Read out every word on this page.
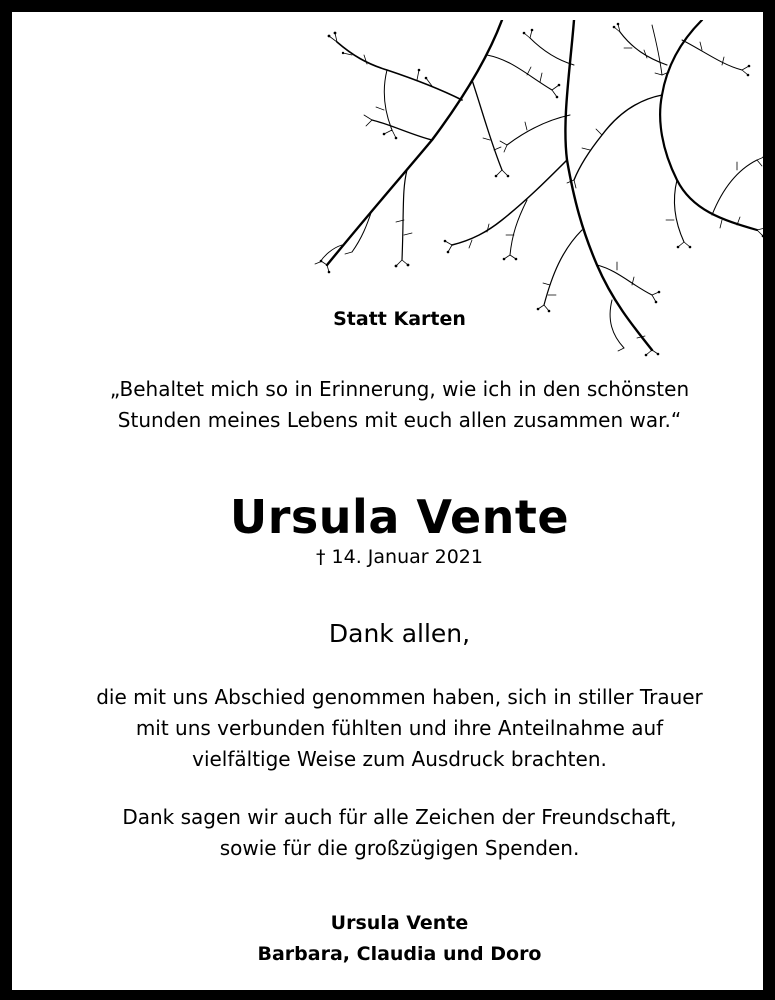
Statt Karten
„Behaltet mich so in Erinnerung, wie ich in den schönsten
Stunden meines Lebens mit euch allen zusammen war.“
Ursula Vente
† 14. Januar 2021
Dank allen,
die mit uns Abschied genommen haben, sich in stiller Trauer
mit uns verbunden fühlten und ihre Anteilnahme auf
vielfältige Weise zum Ausdruck brachten.
Dank sagen wir auch für alle Zeichen der Freundschaft,
sowie für die großzügigen Spenden.
Ursula Vente
Barbara, Claudia und Doro
